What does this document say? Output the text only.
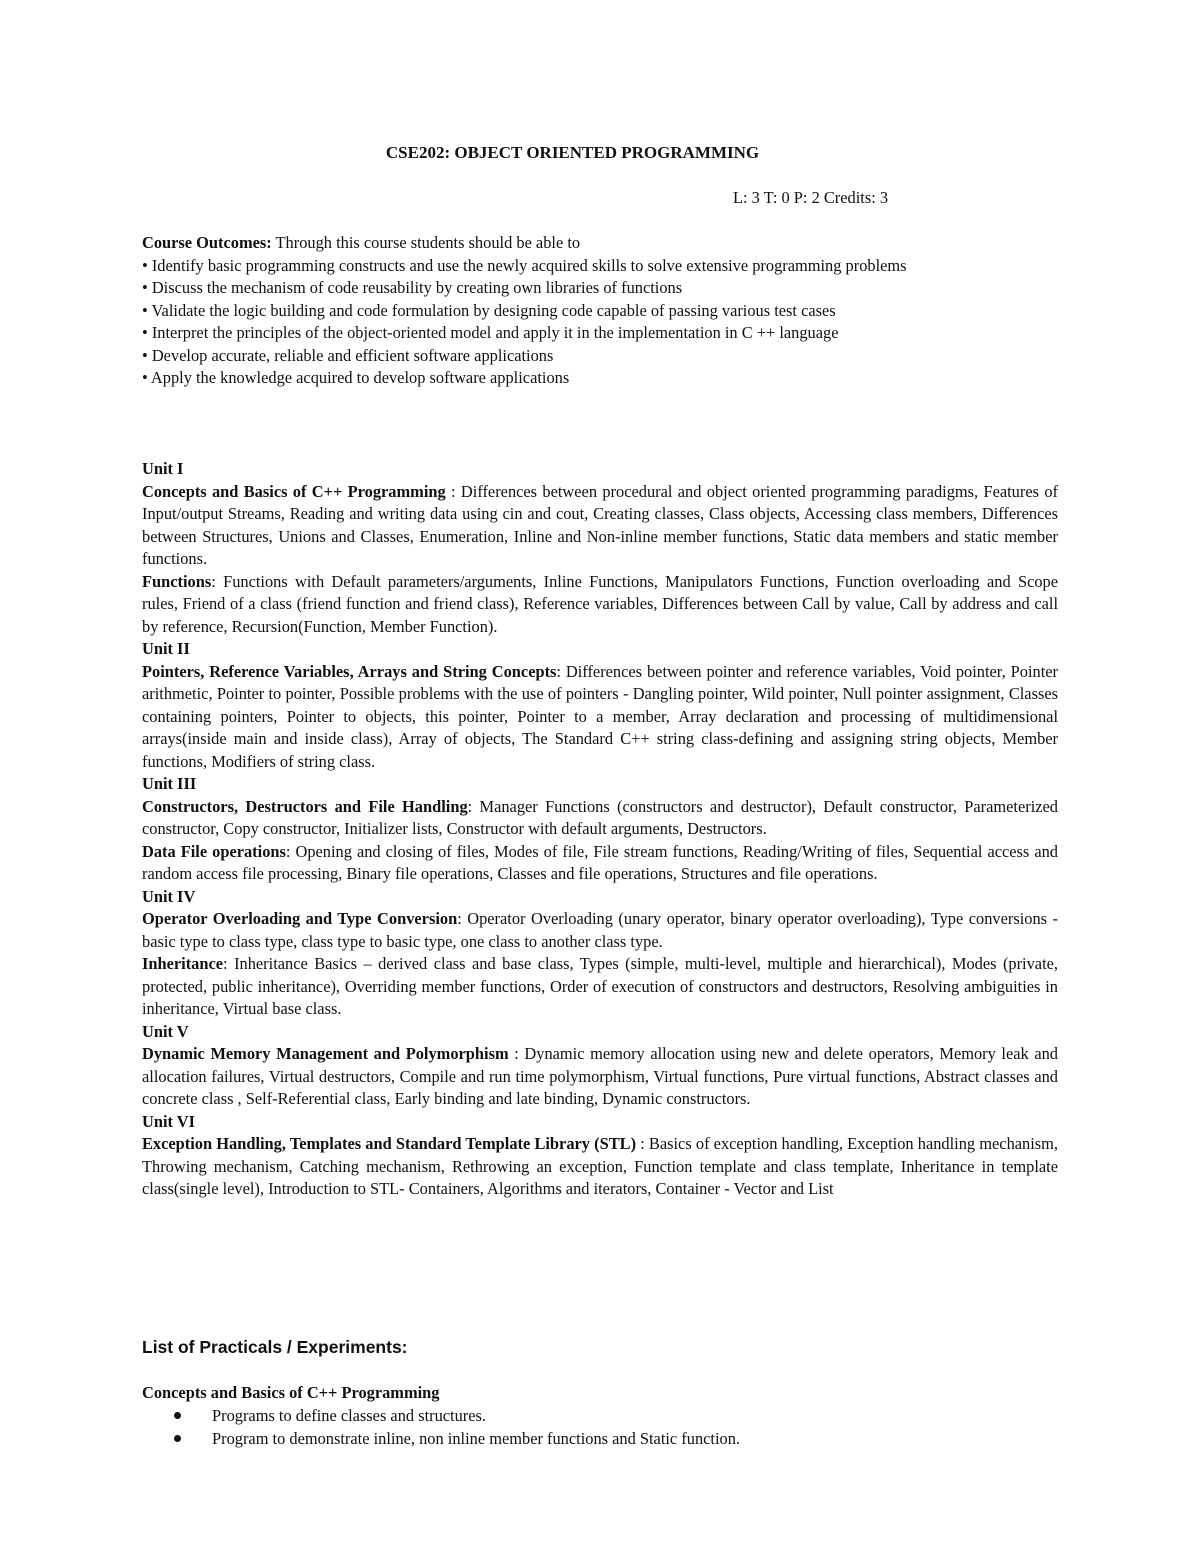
CSE202: OBJECT ORIENTED PROGRAMMING
L: 3 T: 0 P: 2 Credits: 3
Course Outcomes: Through this course students should be able to
• Identify basic programming constructs and use the newly acquired skills to solve extensive programming problems
• Discuss the mechanism of code reusability by creating own libraries of functions
• Validate the logic building and code formulation by designing code capable of passing various test cases
• Interpret the principles of the object-oriented model and apply it in the implementation in C ++ language
• Develop accurate, reliable and efficient software applications
• Apply the knowledge acquired to develop software applications

Unit I

Concepts and Basics of C++ Programming : Differences between procedural and object oriented programming paradigms, Features of Input/output Streams, Reading and writing data using cin and cout, Creating classes, Class objects, Accessing class members, Differences between Structures, Unions and Classes, Enumeration, Inline and Non-inline member functions, Static data members and static member functions.

Functions: Functions with Default parameters/arguments, Inline Functions, Manipulators Functions, Function overloading and Scope rules, Friend of a class (friend function and friend class), Reference variables, Differences between Call by value, Call by address and call by reference, Recursion(Function, Member Function).

Unit II

Pointers, Reference Variables, Arrays and String Concepts: Differences between pointer and reference variables, Void pointer, Pointer arithmetic, Pointer to pointer, Possible problems with the use of pointers - Dangling pointer, Wild pointer, Null pointer assignment, Classes containing pointers, Pointer to objects, this pointer, Pointer to a member, Array declaration and processing of multidimensional arrays(inside main and inside class), Array of objects, The Standard C++ string class-defining and assigning string objects, Member functions, Modifiers of string class.

Unit III

Constructors, Destructors and File Handling: Manager Functions (constructors and destructor), Default constructor, Parameterized constructor, Copy constructor, Initializer lists, Constructor with default arguments, Destructors.

Data File operations: Opening and closing of files, Modes of file, File stream functions, Reading/Writing of files, Sequential access and random access file processing, Binary file operations, Classes and file operations, Structures and file operations.

Unit IV

Operator Overloading and Type Conversion: Operator Overloading (unary operator, binary operator overloading), Type conversions - basic type to class type, class type to basic type, one class to another class type.

Inheritance: Inheritance Basics – derived class and base class, Types (simple, multi-level, multiple and hierarchical), Modes (private, protected, public inheritance), Overriding member functions, Order of execution of constructors and destructors, Resolving ambiguities in inheritance, Virtual base class.

Unit V

Dynamic Memory Management and Polymorphism : Dynamic memory allocation using new and delete operators, Memory leak and allocation failures, Virtual destructors, Compile and run time polymorphism, Virtual functions, Pure virtual functions, Abstract classes and concrete class , Self-Referential class, Early binding and late binding, Dynamic constructors.

Unit VI

Exception Handling, Templates and Standard Template Library (STL) : Basics of exception handling, Exception handling mechanism, Throwing mechanism, Catching mechanism, Rethrowing an exception, Function template and class template, Inheritance in template class(single level), Introduction to STL- Containers, Algorithms and iterators, Container - Vector and List

List of Practicals / Experiments:
Concepts and Basics of C++ Programming
Programs to define classes and structures.
Program to demonstrate inline, non inline member functions and Static function.
